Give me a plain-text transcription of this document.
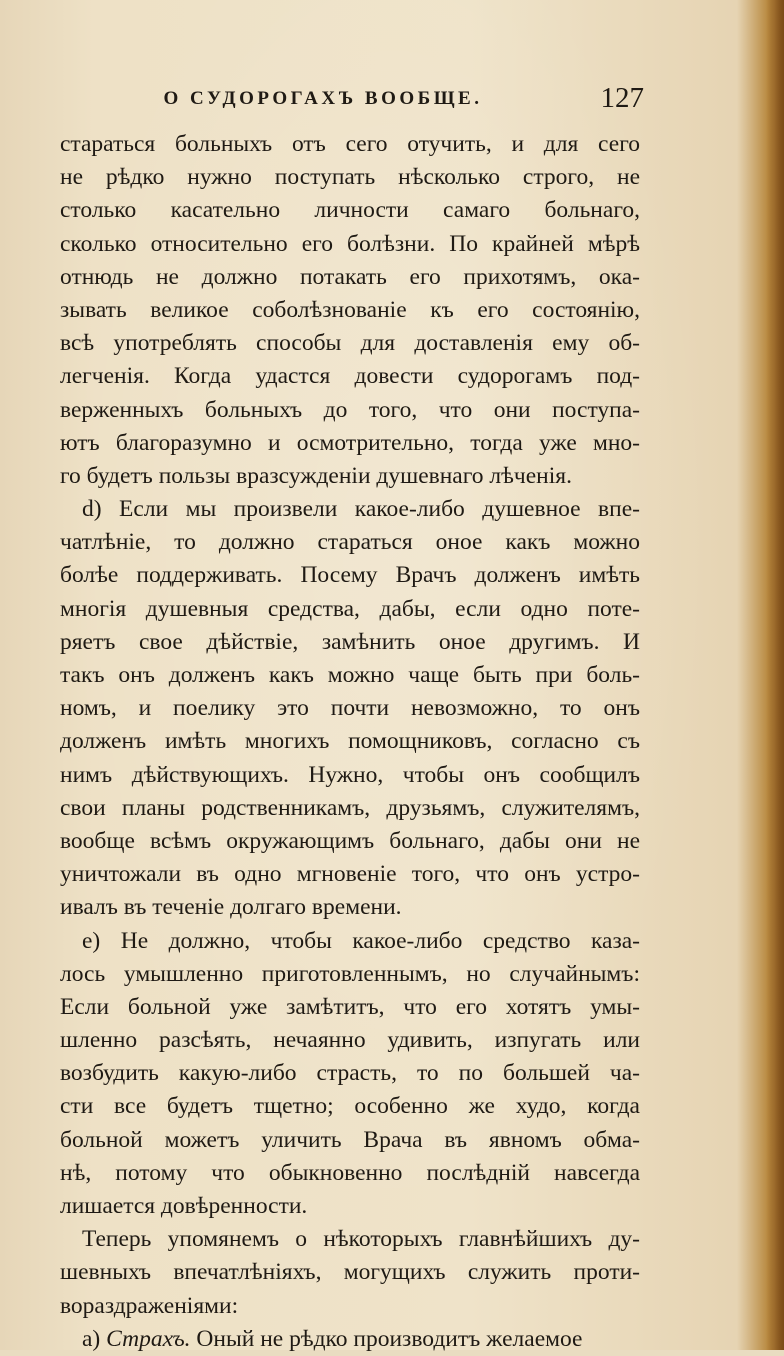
О СУДОРОГАХЪ ВООБЩЕ.	127
стараться больныхъ отъ сего отучить, и для сего
не рѣдко нужно поступать нѣсколько строго, не
столько касательно личности самаго больнаго,
сколько относительно его болѣзни. По крайней мѣрѣ
отнюдь не должно потакать его прихотямъ, ока-
зывать великое соболѣзнованіе къ его состоянію,
всѣ употреблять способы для доставленія ему об-
легченія. Когда удастся довести судорогамъ под-
верженныхъ больныхъ до того, что они поступа-
ютъ благоразумно и осмотрительно, тогда уже мно-
го будетъ пользы вразсужденіи душевнаго лѣченія.
d) Если мы произвели какое-либо душевное впе-
чатлѣніе, то должно стараться оное какъ можно
болѣе поддерживать. Посему Врачъ долженъ имѣть
многія душевныя средства, дабы, если одно поте-
ряетъ свое дѣйствіе, замѣнить оное другимъ. И
такъ онъ долженъ какъ можно чаще быть при боль-
номъ, и поелику это почти невозможно, то онъ
долженъ имѣть многихъ помощниковъ, согласно съ
нимъ дѣйствующихъ. Нужно, чтобы онъ сообщилъ
свои планы родственникамъ, друзьямъ, служителямъ,
вообще всѣмъ окружающимъ больнаго, дабы они не
уничтожали въ одно мгновеніе того, что онъ устро-
ивалъ въ теченіе долгаго времени.
e) Не должно, чтобы какое-либо средство каза-
лось умышленно приготовленнымъ, но случайнымъ:
Если больной уже замѣтитъ, что его хотятъ умы-
шленно разсѣять, нечаянно удивить, изпугать или
возбудить какую-либо страсть, то по большей ча-
сти все будетъ тщетно; особенно же худо, когда
больной можетъ уличить Врача въ явномъ обма-
нѣ, потому что обыкновенно послѣдній навсегда
лишается довѣренности.
Теперь упомянемъ о нѣкоторыхъ главнѣйшихъ ду-
шевныхъ впечатлѣніяхъ, могущихъ служить проти-
вораздраженіями:
a) Страхъ. Оный не рѣдко производитъ желаемое
